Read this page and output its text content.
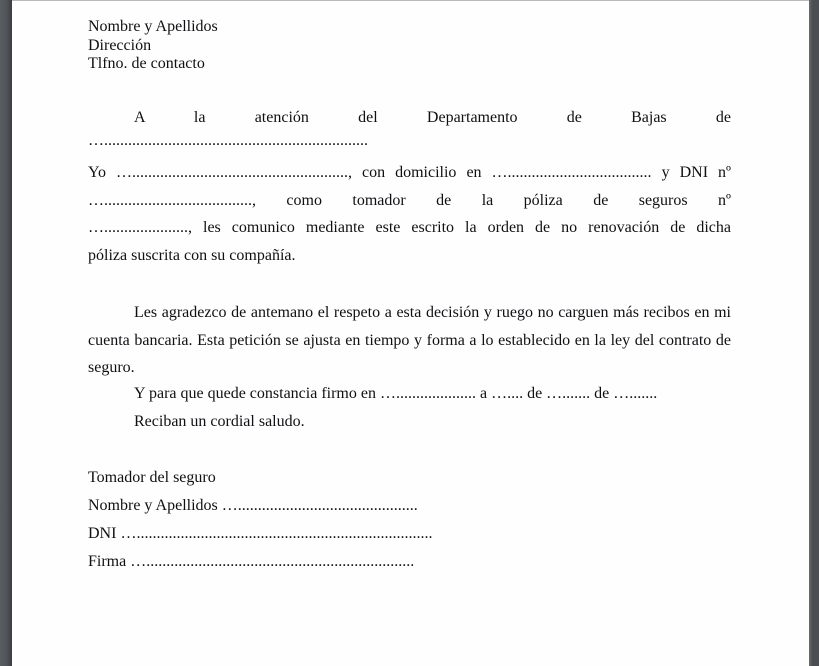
Nombre y Apellidos
Dirección
Tlfno. de contacto
A la atención del Departamento de Bajas de
…..................................................................
Yo …......................................................, con domicilio en ….................................... y DNI nº
…....................................., como tomador de la póliza de seguros nº
…....................., les comunico mediante este escrito la orden de no renovación de dicha
póliza suscrita con su compañía.
Les agradezco de antemano el respeto a esta decisión y ruego no carguen más recibos en mi
cuenta bancaria. Esta petición se ajusta en tiempo y forma a lo establecido en la ley del contrato de
seguro.
Y para que quede constancia firmo en ….................... a ….... de …....... de ….......
Reciban un cordial saludo.
Tomador del seguro
Nombre y Apellidos ….............................................
DNI …..........................................................................
Firma …...................................................................
